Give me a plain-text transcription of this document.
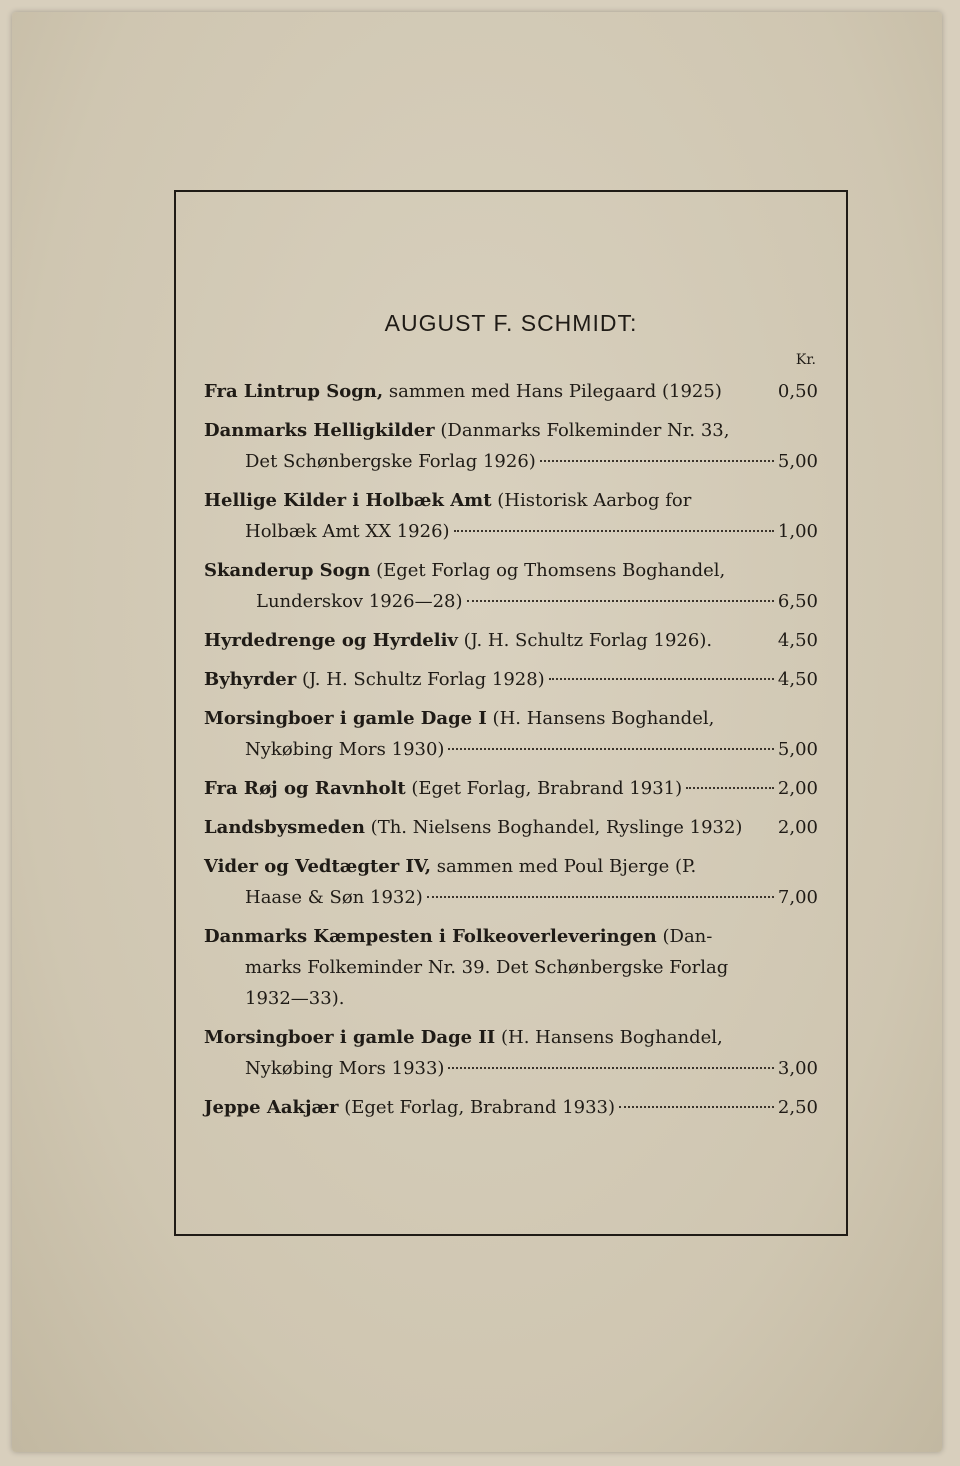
AUGUST F. SCHMIDT:
Kr.
Fra Lintrup Sogn,
sammen med Hans Pilegaard (1925)	0,50
Danmarks Helligkilder
(Danmarks Folkeminder Nr. 33,
Det Schønbergske Forlag 1926)	5,00
Hellige Kilder i Holbæk Amt
(Historisk Aarbog for
Holbæk Amt XX 1926)	1,00
Skanderup Sogn
(Eget Forlag og Thomsens Boghandel,
Lunderskov 1926—28)	6,50
Hyrdedrenge og Hyrdeliv
(J. H. Schultz Forlag 1926).	4,50
Byhyrder
(J. H. Schultz Forlag 1928)	4,50
Morsingboer i gamle Dage I
(H. Hansens Boghandel,
Nykøbing Mors 1930)	5,00
Fra Røj og Ravnholt
(Eget Forlag, Brabrand 1931)	2,00
Landsbysmeden
(Th. Nielsens Boghandel, Ryslinge 1932)	2,00
Vider og Vedtægter IV,
sammen med Poul Bjerge (P.
Haase & Søn 1932)	7,00
Danmarks Kæmpesten i Folkeoverleveringen
(Dan-
marks Folkeminder Nr. 39. Det Schønbergske Forlag
1932—33).
Morsingboer i gamle Dage II
(H. Hansens Boghandel,
Nykøbing Mors 1933)	3,00
Jeppe Aakjær
(Eget Forlag, Brabrand 1933)	2,50
